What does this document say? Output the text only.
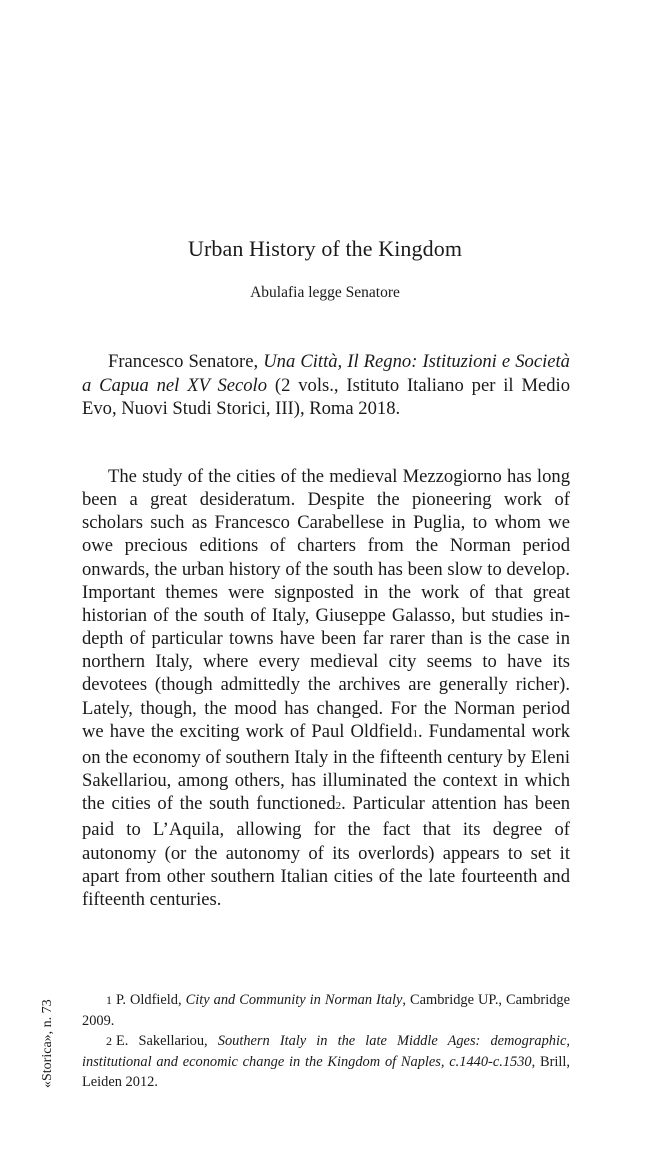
Urban History of the Kingdom
Abulafia legge Senatore

Francesco Senatore, Una Città, Il Regno: Istituzioni e Società a Capua nel XV Secolo (2 vols., Istituto Italiano per il Medio Evo, Nuovi Studi Storici, III), Roma 2018.

The study of the cities of the medieval Mezzogiorno has long been a great desideratum. Despite the pioneering work of scholars such as Francesco Carabellese in Puglia, to whom we owe precious editions of charters from the Norman period onwards, the urban history of the south has been slow to develop. Important themes were signposted in the work of that great historian of the south of Italy, Giuseppe Galasso, but studies in-depth of particular towns have been far rarer than is the case in northern Italy, where every medieval city seems to have its devotees (though admittedly the archives are generally richer). Lately, though, the mood has changed. For the Norman period we have the exciting work of Paul Oldfield1. Fundamental work on the economy of southern Italy in the fifteenth century by Eleni Sakellariou, among others, has illuminated the context in which the cities of the south functioned2. Particular attention has been paid to L’Aquila, allowing for the fact that its degree of autonomy (or the autonomy of its overlords) appears to set it apart from other southern Italian cities of the late fourteenth and fifteenth centuries.

1 P. Oldfield, City and Community in Norman Italy, Cambridge UP., Cambridge 2009.

2 E. Sakellariou, Southern Italy in the late Middle Ages: demographic, institutional and economic change in the Kingdom of Naples, c.1440-c.1530, Brill, Leiden 2012.

«Storica», n. 73
